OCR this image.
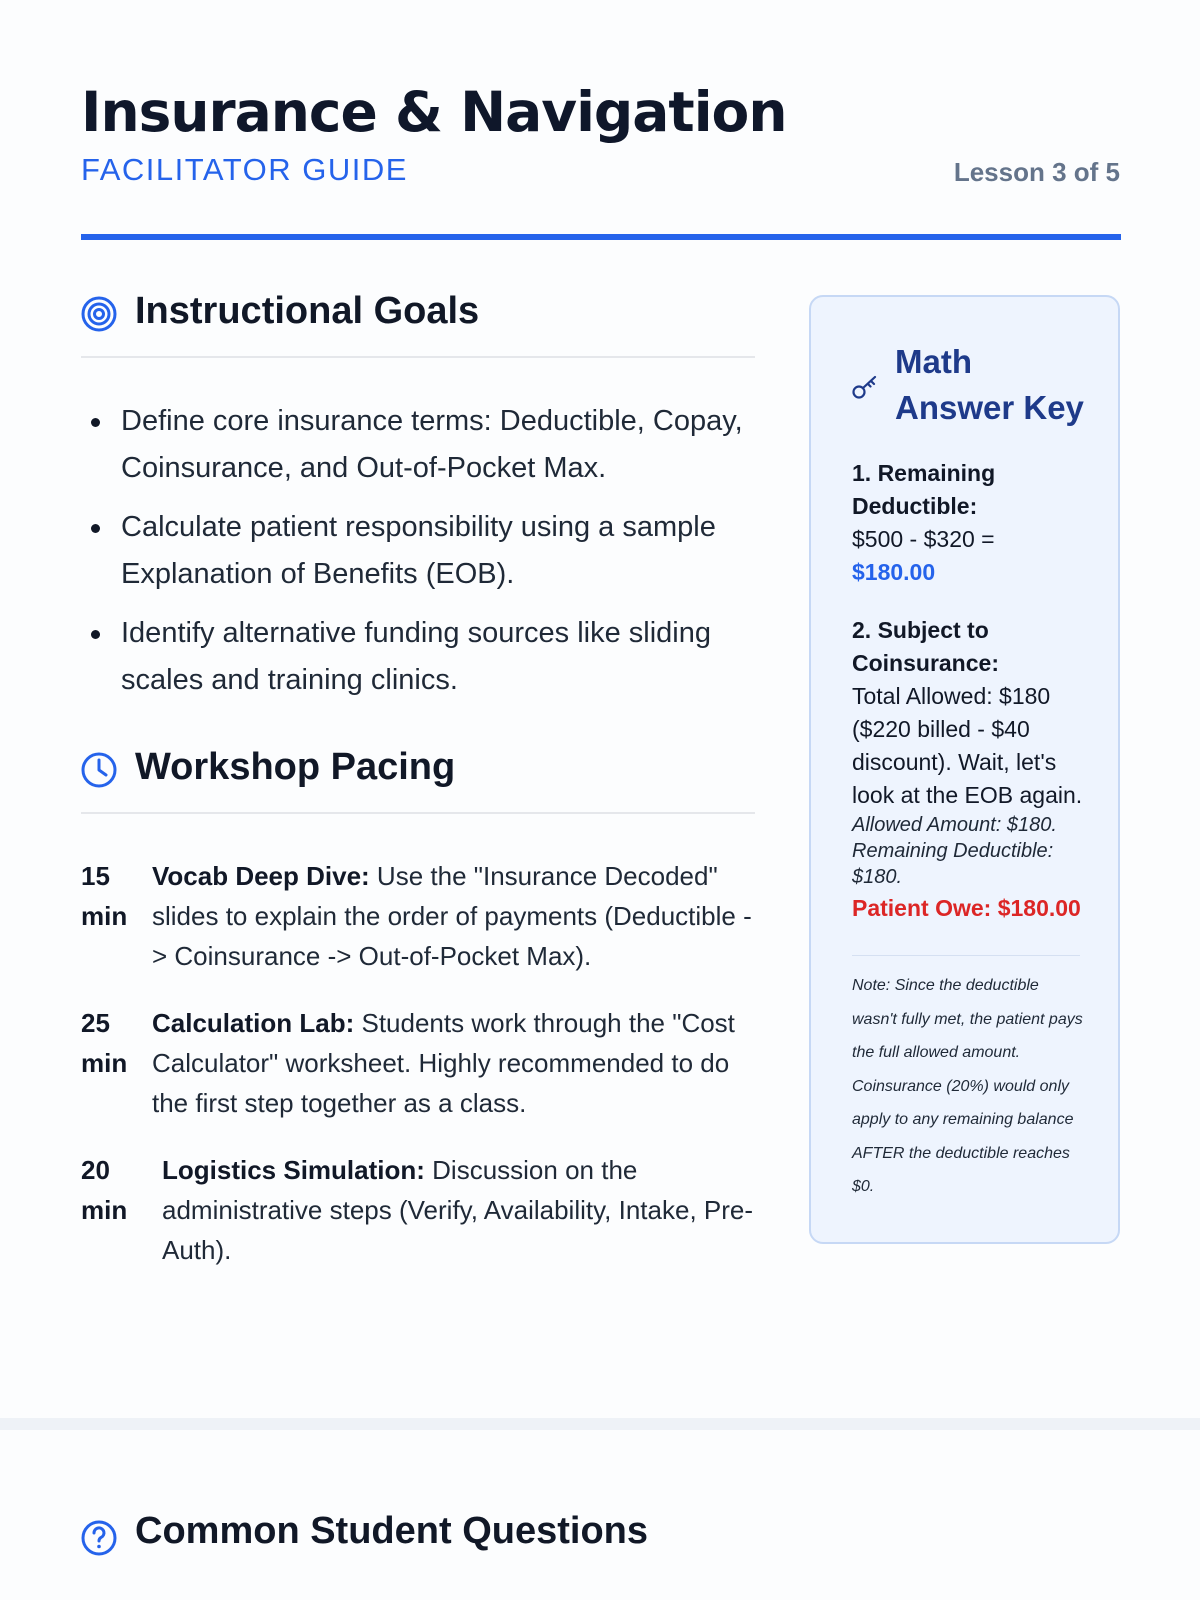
Insurance & Navigation
FACILITATOR GUIDE	Lesson 3 of 5
Instructional Goals
Define core insurance terms: Deductible, Copay, Coinsurance, and Out-of-Pocket Max.
Calculate patient responsibility using a sample Explanation of Benefits (EOB).
Identify alternative funding sources like sliding scales and training clinics.
Workshop Pacing
15 min
Vocab Deep Dive: Use the "Insurance Decoded" slides to explain the order of payments (Deductible -> Coinsurance -> Out-of-Pocket Max).
25 min
Calculation Lab: Students work through the "Cost Calculator" worksheet. Highly recommended to do the first step together as a class.
20 min
Logistics Simulation: Discussion on the administrative steps (Verify, Availability, Intake, Pre-Auth).
Math Answer Key
1. Remaining Deductible:
$500 - $320 =
$180.00
2. Subject to Coinsurance:
Total Allowed: $180 ($220 billed - $40 discount). Wait, let's look at the EOB again.
Allowed Amount: $180. Remaining Deductible: $180.
Patient Owe: $180.00
Note: Since the deductible wasn't fully met, the patient pays the full allowed amount. Coinsurance (20%) would only apply to any remaining balance AFTER the deductible reaches $0.
Common Student Questions
